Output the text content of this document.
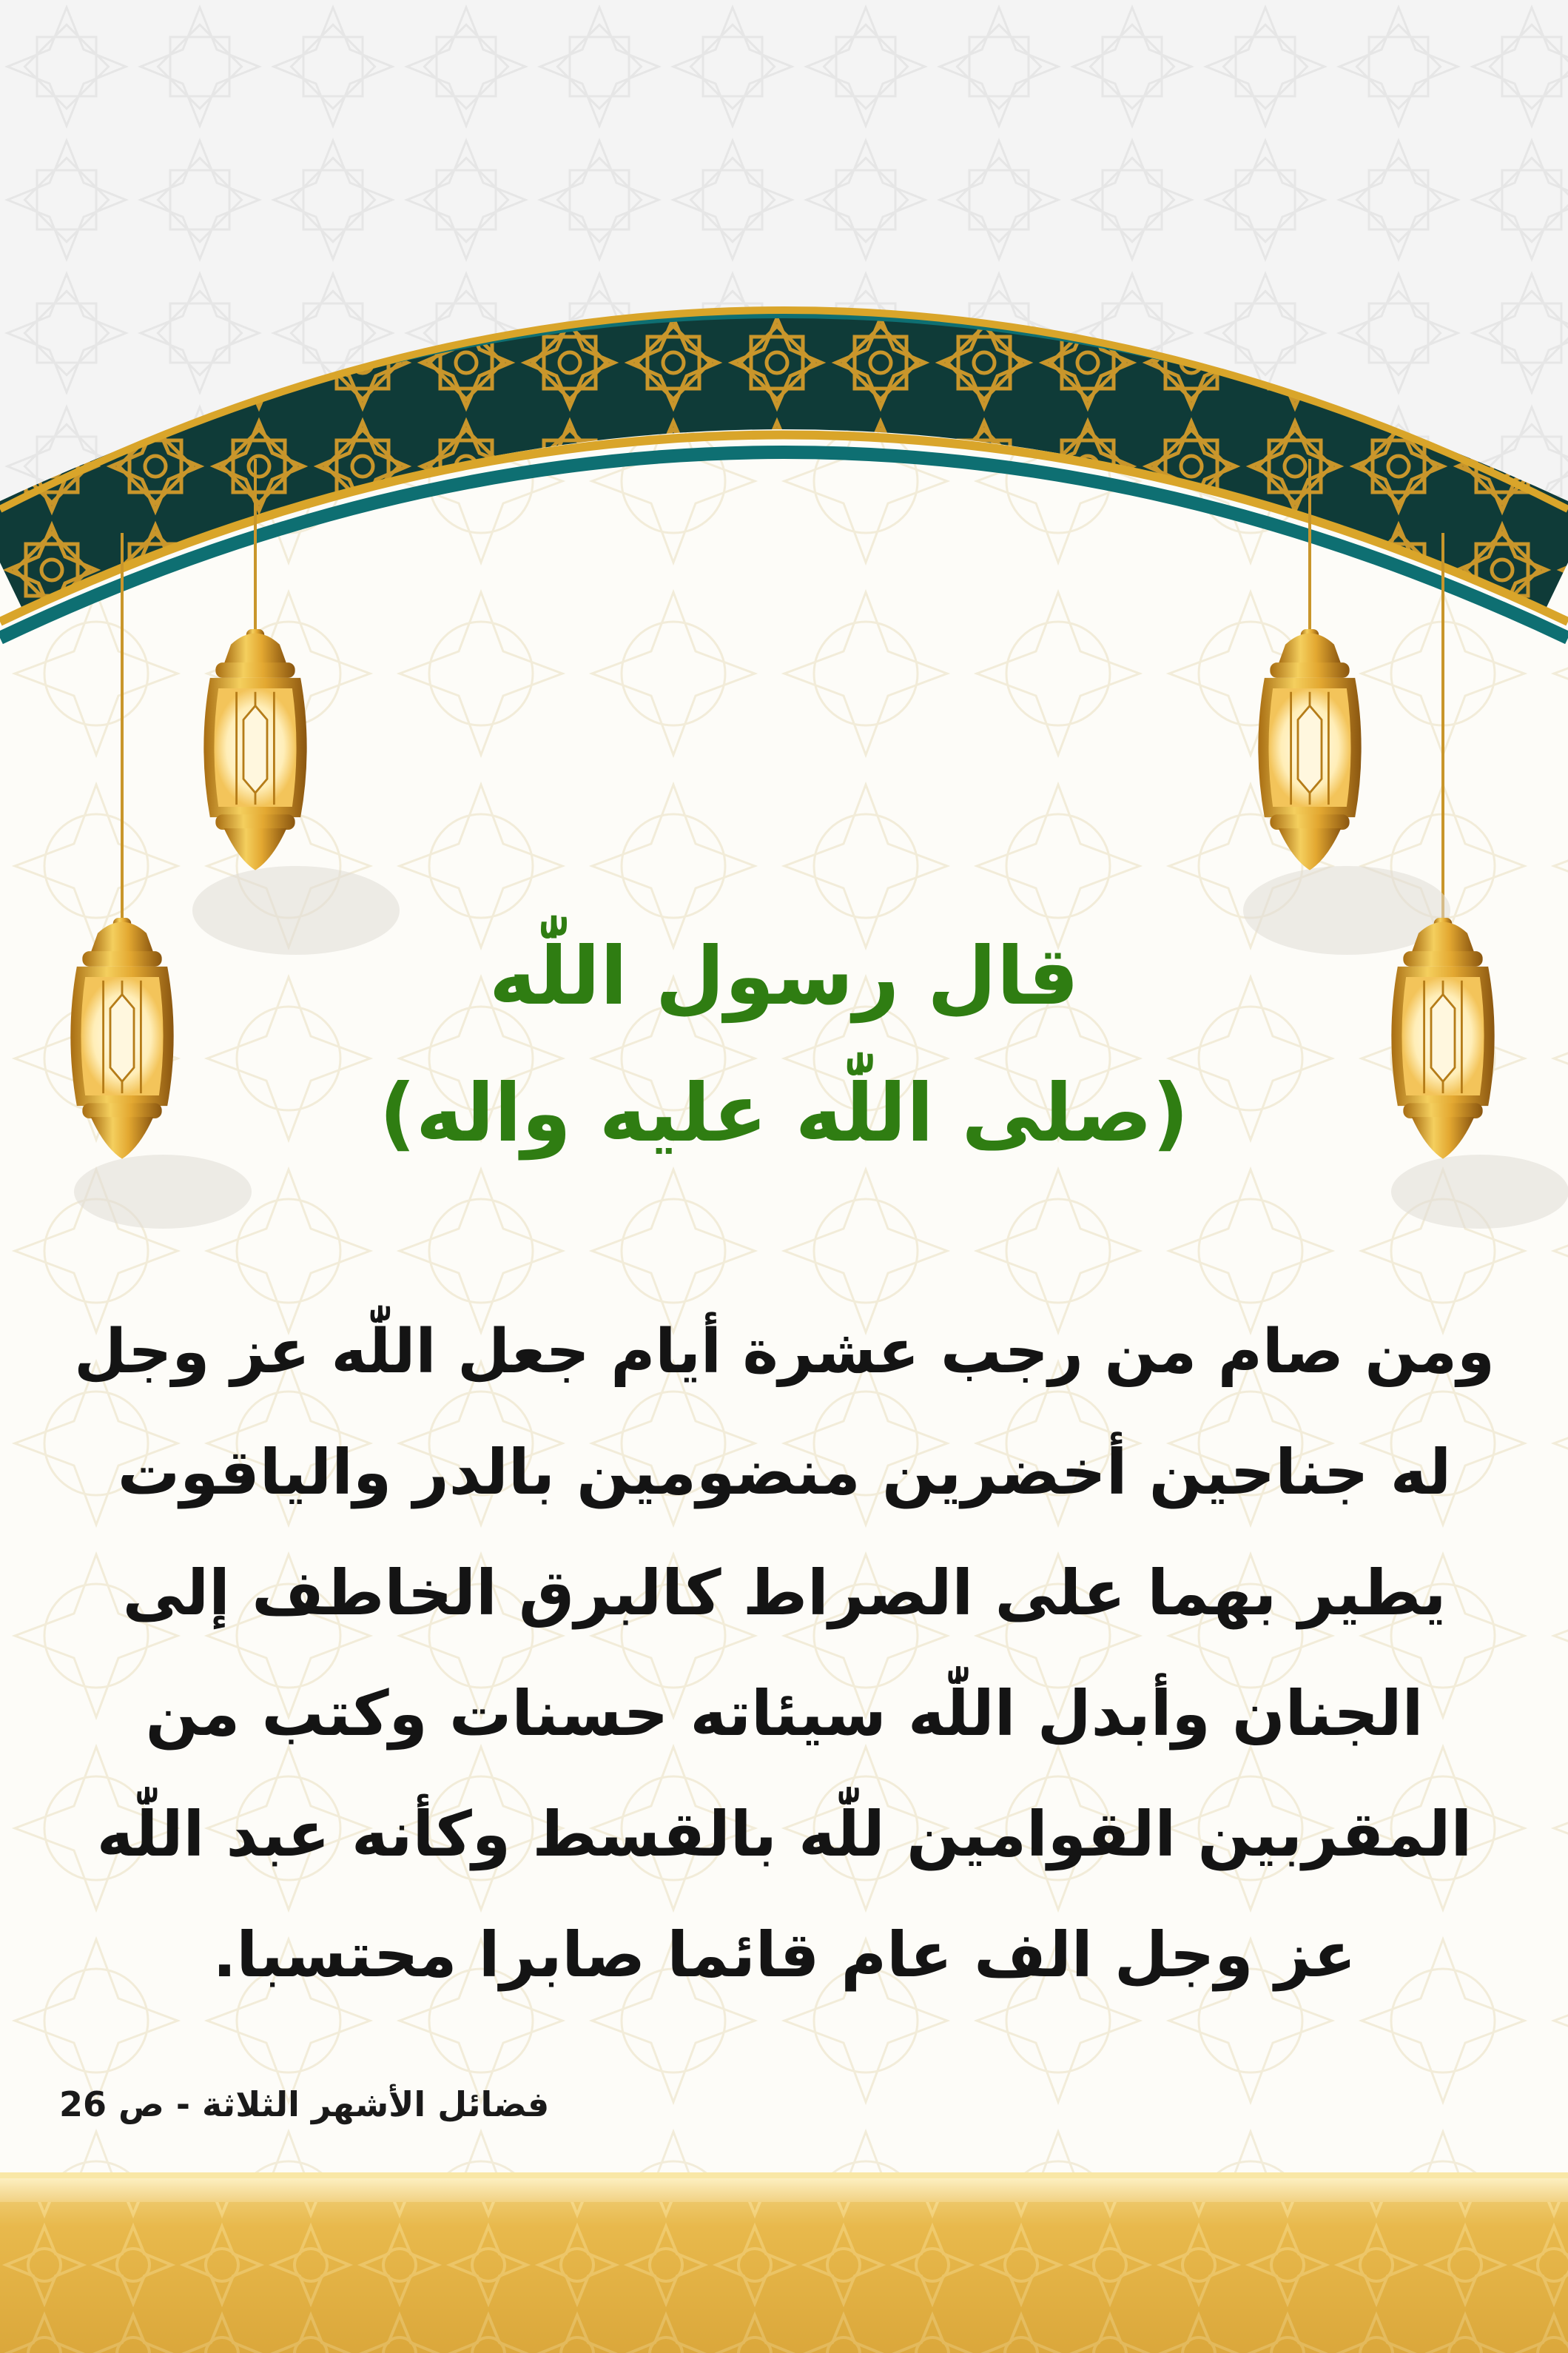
قال رسول اللّٰه
(صلى اللّٰه عليه واله)
ومن صام من رجب عشرة أيام جعل اللّٰه عز وجل
له جناحين أخضرين منضومين بالدر والياقوت
يطير بهما على الصراط كالبرق الخاطف إلى
الجنان وأبدل اللّٰه سيئاته حسنات وكتب من
المقربين القوامين للّٰه بالقسط وكأنه عبد اللّٰه
عز وجل الف عام قائما صابرا محتسبا.
فضائل الأشهر الثلاثة - ص 26
